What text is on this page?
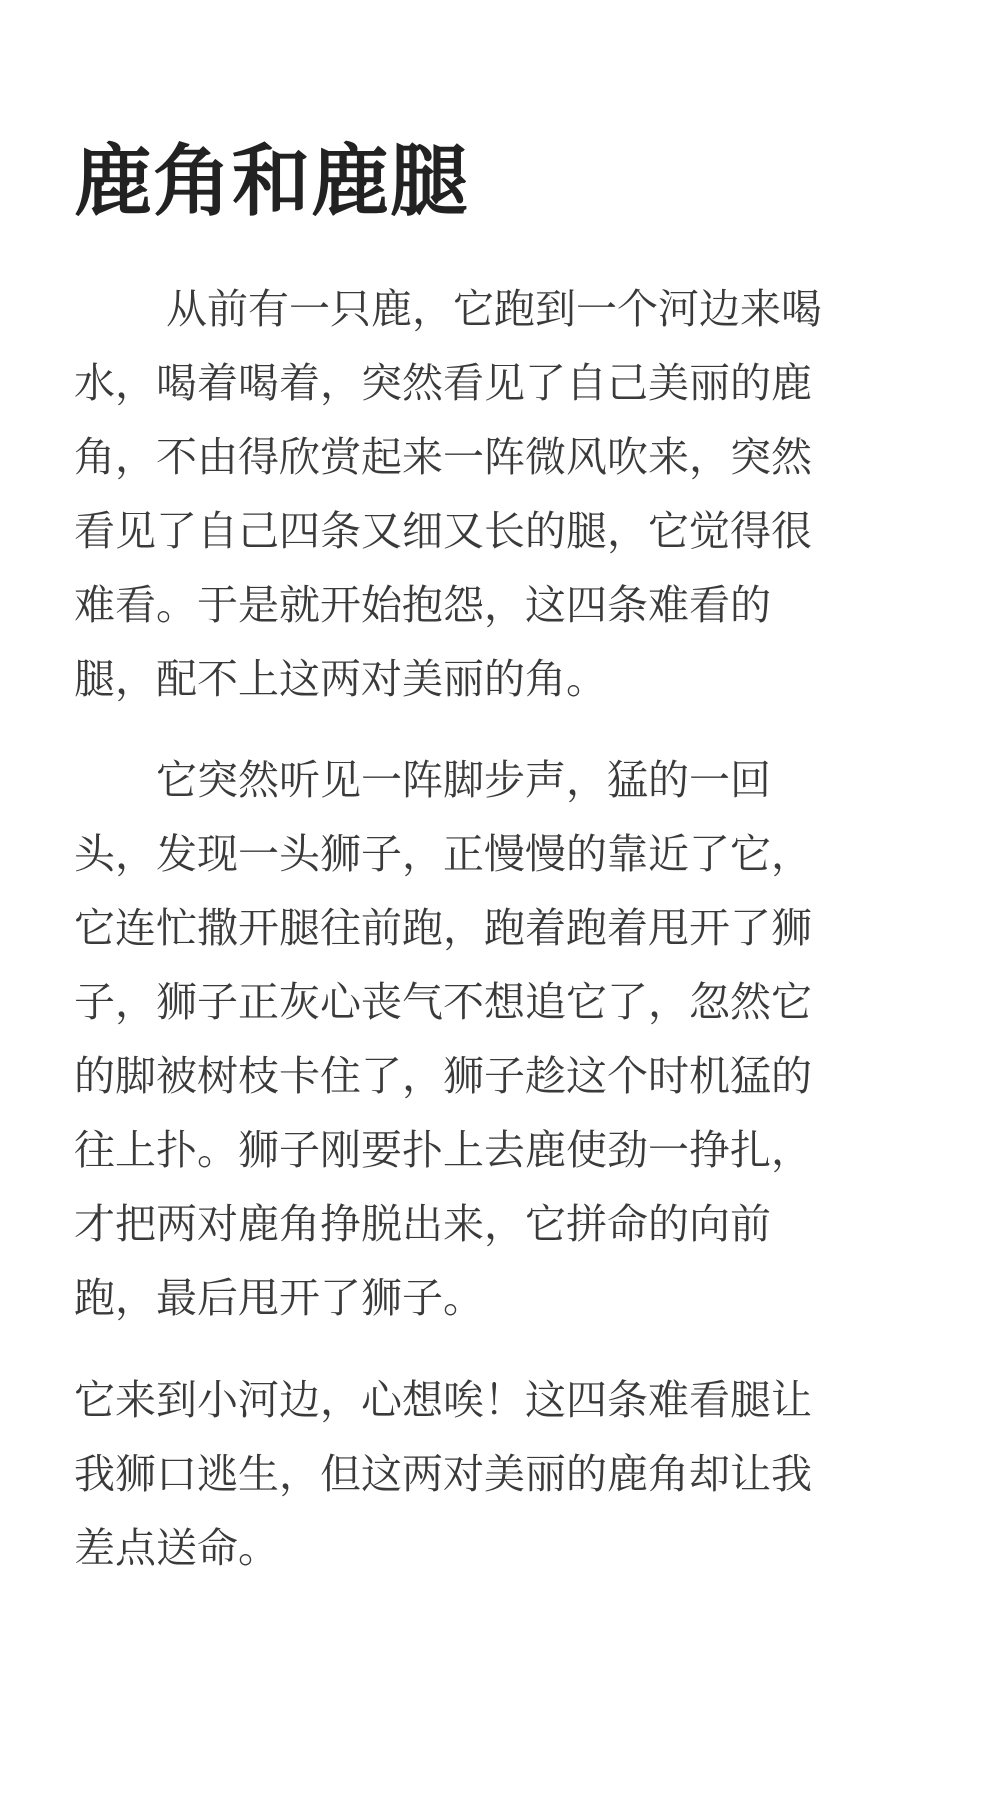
鹿角和鹿腿

从前有一只鹿，它跑到一个河边来喝
水，喝着喝着，突然看见了自己美丽的鹿
角，不由得欣赏起来一阵微风吹来，突然
看见了自己四条又细又长的腿，它觉得很
难看。于是就开始抱怨，这四条难看的
腿，配不上这两对美丽的角。

它突然听见一阵脚步声，猛的一回
头，发现一头狮子，正慢慢的靠近了它，
它连忙撒开腿往前跑，跑着跑着甩开了狮
子，狮子正灰心丧气不想追它了，忽然它
的脚被树枝卡住了，狮子趁这个时机猛的
往上扑。狮子刚要扑上去鹿使劲一挣扎，
才把两对鹿角挣脱出来，它拼命的向前
跑，最后甩开了狮子。

它来到小河边，心想唉！这四条难看腿让
我狮口逃生，但这两对美丽的鹿角却让我
差点送命。
